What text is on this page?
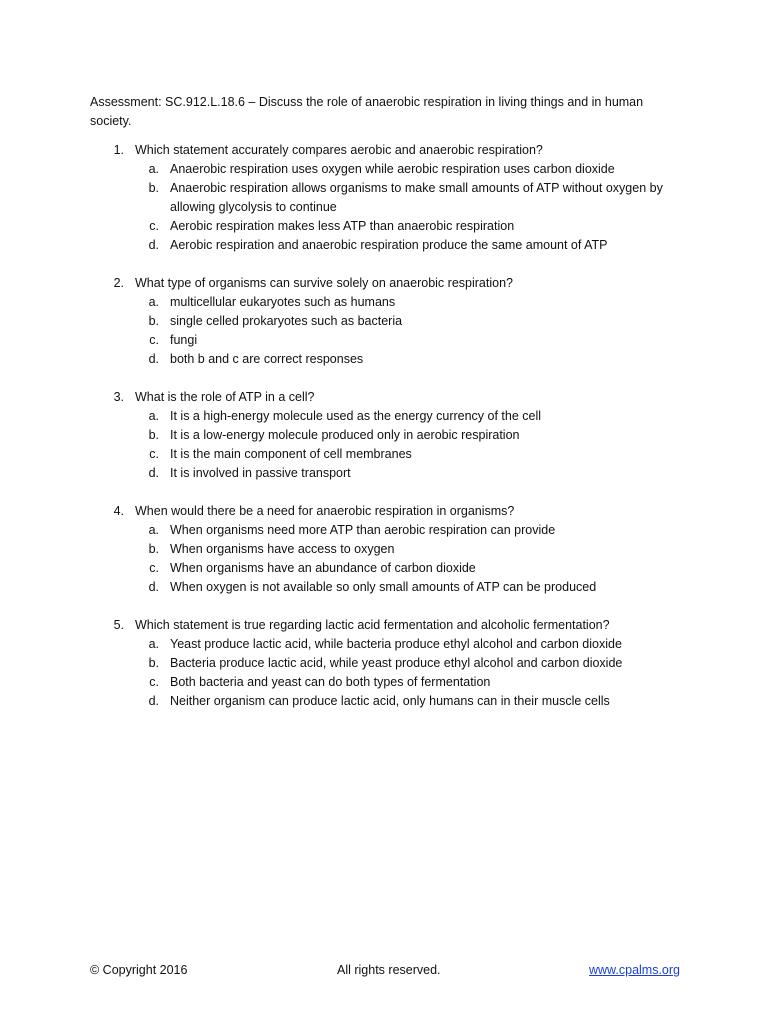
Assessment: SC.912.L.18.6 – Discuss the role of anaerobic respiration in living things and in human society.
1. Which statement accurately compares aerobic and anaerobic respiration?
a. Anaerobic respiration uses oxygen while aerobic respiration uses carbon dioxide
b. Anaerobic respiration allows organisms to make small amounts of ATP without oxygen by allowing glycolysis to continue
c. Aerobic respiration makes less ATP than anaerobic respiration
d. Aerobic respiration and anaerobic respiration produce the same amount of ATP
2. What type of organisms can survive solely on anaerobic respiration?
a. multicellular eukaryotes such as humans
b. single celled prokaryotes such as bacteria
c. fungi
d. both b and c are correct responses
3. What is the role of ATP in a cell?
a. It is a high-energy molecule used as the energy currency of the cell
b. It is a low-energy molecule produced only in aerobic respiration
c. It is the main component of cell membranes
d. It is involved in passive transport
4. When would there be a need for anaerobic respiration in organisms?
a. When organisms need more ATP than aerobic respiration can provide
b. When organisms have access to oxygen
c. When organisms have an abundance of carbon dioxide
d. When oxygen is not available so only small amounts of ATP can be produced
5. Which statement is true regarding lactic acid fermentation and alcoholic fermentation?
a. Yeast produce lactic acid, while bacteria produce ethyl alcohol and carbon dioxide
b. Bacteria produce lactic acid, while yeast produce ethyl alcohol and carbon dioxide
c. Both bacteria and yeast can do both types of fermentation
d. Neither organism can produce lactic acid, only humans can in their muscle cells
© Copyright 2016	All rights reserved.	www.cpalms.org
